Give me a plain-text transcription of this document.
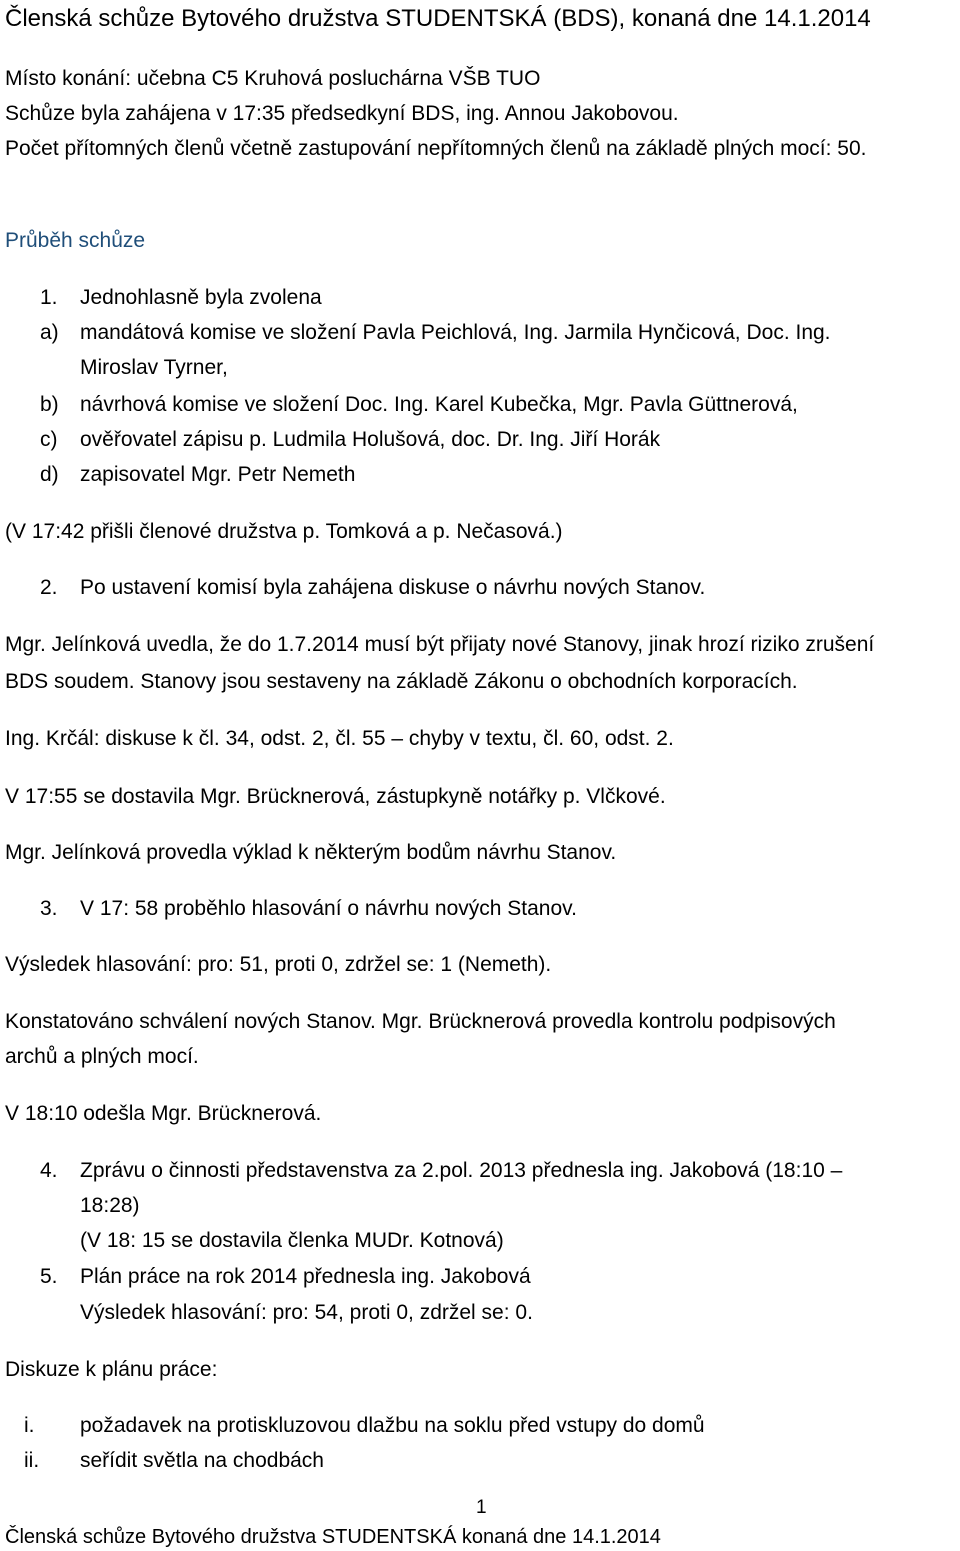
Členská schůze Bytového družstva STUDENTSKÁ (BDS), konaná dne 14.1.2014
Místo konání: učebna C5 Kruhová posluchárna VŠB TUO
Schůze byla zahájena v 17:35 předsedkyní BDS, ing. Annou Jakobovou.
Počet přítomných členů včetně zastupování nepřítomných členů na základě plných mocí: 50.
Průběh schůze
1. Jednohlasně byla zvolena
a) mandátová komise ve složení Pavla Peichlová, Ing. Jarmila Hynčicová, Doc. Ing.
Miroslav Tyrner,
b) návrhová komise ve složení Doc. Ing. Karel Kubečka, Mgr. Pavla Güttnerová,
c) ověřovatel zápisu p. Ludmila Holušová, doc. Dr. Ing. Jiří Horák
d) zapisovatel Mgr. Petr Nemeth
(V 17:42 přišli členové družstva p. Tomková a p. Nečasová.)
2. Po ustavení komisí byla zahájena diskuse o návrhu nových Stanov.
Mgr. Jelínková uvedla, že do 1.7.2014 musí být přijaty nové Stanovy, jinak hrozí riziko zrušení
BDS soudem. Stanovy jsou sestaveny na základě Zákonu o obchodních korporacích.
Ing. Krčál: diskuse k čl. 34, odst. 2, čl. 55 – chyby v textu, čl. 60, odst. 2.
V 17:55 se dostavila Mgr. Brücknerová, zástupkyně notářky p. Vlčkové.
Mgr. Jelínková provedla výklad k některým bodům návrhu Stanov.
3. V 17: 58 proběhlo hlasování o návrhu nových Stanov.
Výsledek hlasování: pro: 51, proti 0, zdržel se: 1 (Nemeth).
Konstatováno schválení nových Stanov. Mgr. Brücknerová provedla kontrolu podpisových
archů a plných mocí.
V 18:10 odešla Mgr. Brücknerová.
4. Zprávu o činnosti představenstva za 2.pol. 2013 přednesla ing. Jakobová (18:10 –
18:28)
(V 18: 15 se dostavila členka MUDr. Kotnová)
5. Plán práce na rok 2014 přednesla ing. Jakobová
Výsledek hlasování: pro: 54, proti 0, zdržel se: 0.
Diskuze k plánu práce:
i. požadavek na protiskluzovou dlažbu na soklu před vstupy do domů
ii. seřídit světla na chodbách
1
Členská schůze Bytového družstva STUDENTSKÁ konaná dne 14.1.2014
